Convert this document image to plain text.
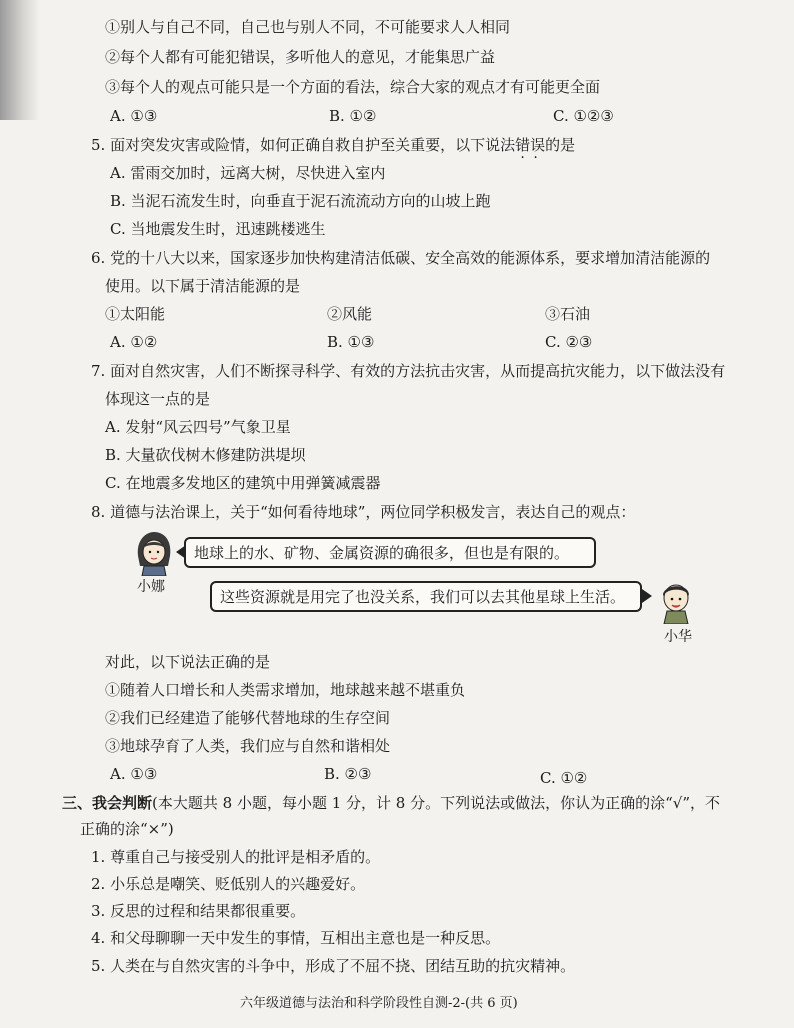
①别人与自己不同，自己也与别人不同，不可能要求人人相同
②每个人都有可能犯错误，多听他人的意见，才能集思广益
③每个人的观点可能只是一个方面的看法，综合大家的观点才有可能更全面
A. ①③	B. ①②	C. ①②③
5. 面对突发灾害或险情，如何正确自救自护至关重要，以下说法错误 · ·的是
A. 雷雨交加时，远离大树，尽快进入室内
B. 当泥石流发生时，向垂直于泥石流流动方向的山坡上跑
C. 当地震发生时，迅速跳楼逃生
6. 党的十八大以来，国家逐步加快构建清洁低碳、安全高效的能源体系，要求增加清洁能源的
使用。以下属于清洁能源的是
①太阳能	②风能	③石油
A. ①②	B. ①③	C. ②③
7. 面对自然灾害，人们不断探寻科学、有效的方法抗击灾害，从而提高抗灾能力，以下做法没有
体现这一点的是
A. 发射“风云四号”气象卫星
B. 大量砍伐树木修建防洪堤坝
C. 在地震多发地区的建筑中用弹簧减震器
8. 道德与法治课上，关于“如何看待地球”，两位同学积极发言，表达自己的观点：
小娜
地球上的水、矿物、金属资源的确很多，但也是有限的。
这些资源就是用完了也没关系，我们可以去其他星球上生活。
小华
对此，以下说法正确的是
①随着人口增长和人类需求增加，地球越来越不堪重负
②我们已经建造了能够代替地球的生存空间
③地球孕育了人类，我们应与自然和谐相处
A. ①③	B. ②③	C. ①②
三、我会判断(本大题共 8 小题，每小题 1 分，计 8 分。下列说法或做法，你认为正确的涂“√”，不
正确的涂“×”)
1. 尊重自己与接受别人的批评是相矛盾的。
2. 小乐总是嘲笑、贬低别人的兴趣爱好。
3. 反思的过程和结果都很重要。
4. 和父母聊聊一天中发生的事情，互相出主意也是一种反思。
5. 人类在与自然灾害的斗争中，形成了不屈不挠、团结互助的抗灾精神。
六年级道德与法治和科学阶段性自测-2-(共 6 页)
